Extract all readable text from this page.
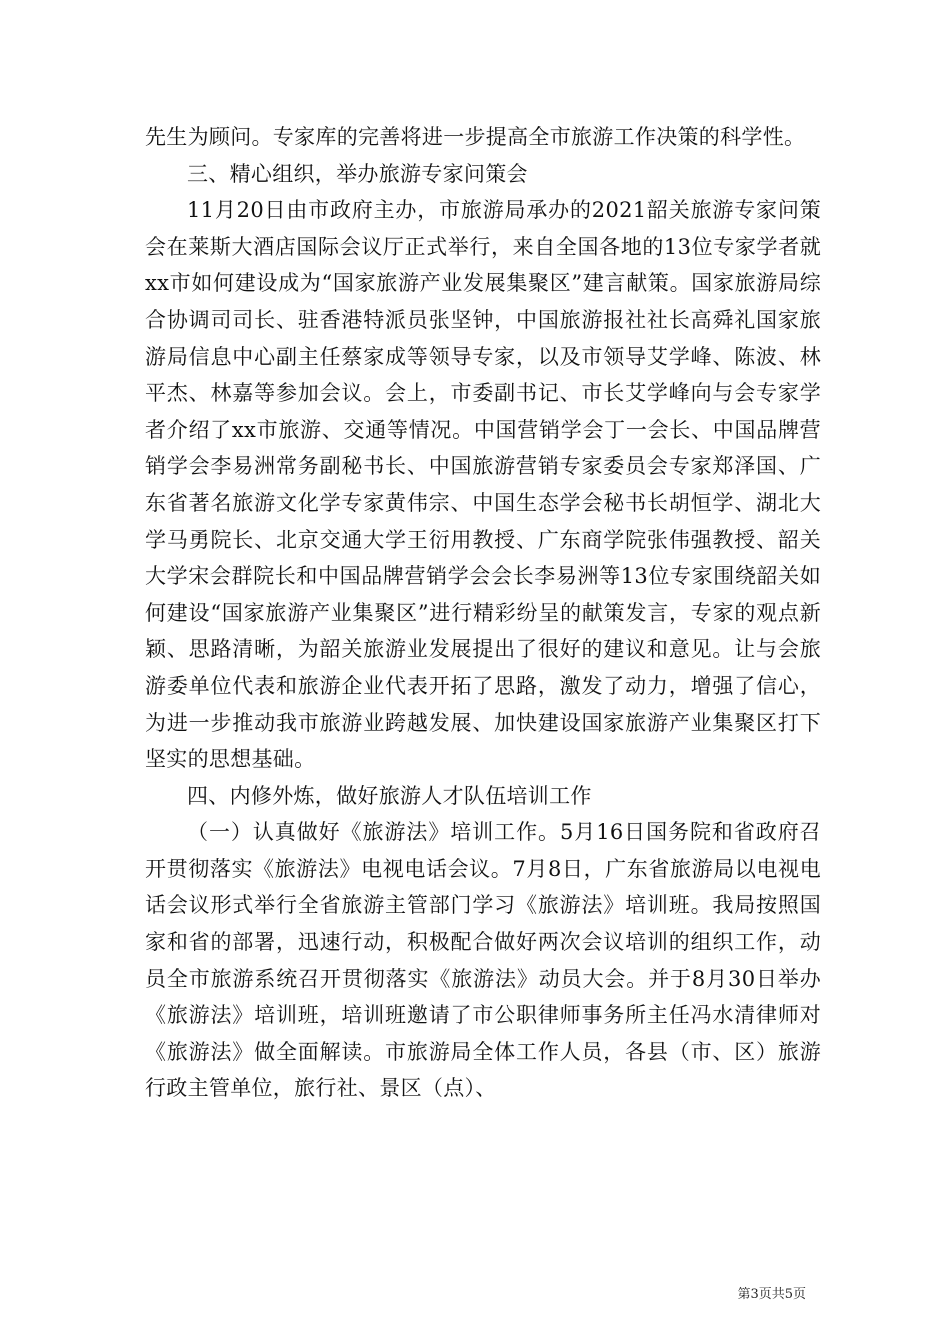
先生为顾问。专家库的完善将进一步提高全市旅游工作决策的科学性。

三、精心组织，举办旅游专家问策会

11月20日由市政府主办，市旅游局承办的2021韶关旅游专家问策会在莱斯大酒店国际会议厅正式举行，来自全国各地的13位专家学者就xx市如何建设成为“国家旅游产业发展集聚区”建言献策。国家旅游局综合协调司司长、驻香港特派员张坚钟，中国旅游报社社长高舜礼国家旅游局信息中心副主任蔡家成等领导专家，以及市领导艾学峰、陈波、林平杰、林嘉等参加会议。会上，市委副书记、市长艾学峰向与会专家学者介绍了xx市旅游、交通等情况。中国营销学会丁一会长、中国品牌营销学会李易洲常务副秘书长、中国旅游营销专家委员会专家郑泽国、广东省著名旅游文化学专家黄伟宗、中国生态学会秘书长胡恒学、湖北大学马勇院长、北京交通大学王衍用教授、广东商学院张伟强教授、韶关大学宋会群院长和中国品牌营销学会会长李易洲等13位专家围绕韶关如何建设“国家旅游产业集聚区”进行精彩纷呈的献策发言，专家的观点新颖、思路清晰，为韶关旅游业发展提出了很好的建议和意见。让与会旅游委单位代表和旅游企业代表开拓了思路，激发了动力，增强了信心，为进一步推动我市旅游业跨越发展、加快建设国家旅游产业集聚区打下坚实的思想基础。

四、内修外炼，做好旅游人才队伍培训工作

（一）认真做好《旅游法》培训工作。5月16日国务院和省政府召开贯彻落实《旅游法》电视电话会议。7月8日，广东省旅游局以电视电话会议形式举行全省旅游主管部门学习《旅游法》培训班。我局按照国家和省的部署，迅速行动，积极配合做好两次会议培训的组织工作，动员全市旅游系统召开贯彻落实《旅游法》动员大会。并于8月30日举办《旅游法》培训班，培训班邀请了市公职律师事务所主任冯水清律师对《旅游法》做全面解读。市旅游局全体工作人员，各县（市、区）旅游行政主管单位，旅行社、景区（点）、

第3页共5页
